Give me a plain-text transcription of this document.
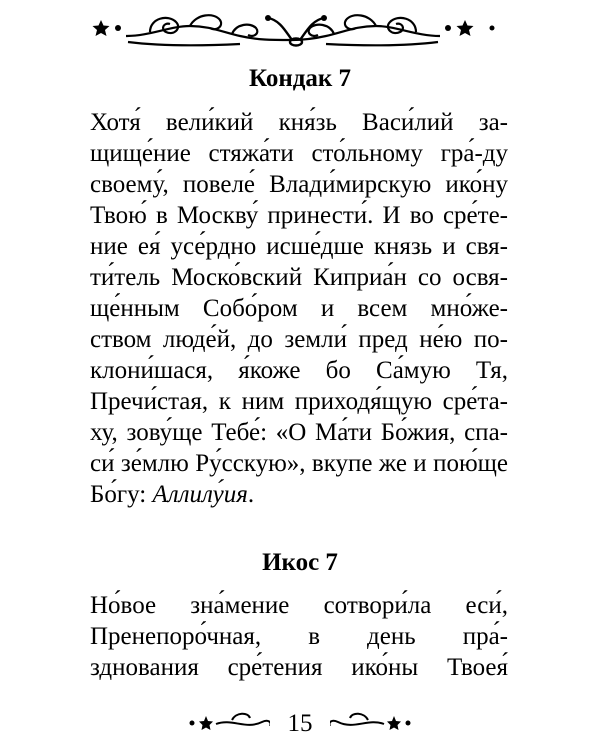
Кондак 7
Хотя́ вели́кий кня́зь Васи́лий за-
щище́ние стяжа́ти сто́льному гра́-ду
своему́, повеле́ Влади́мирскую ико́ну
Твою́ в Москву́ принести́. И во сре́те-
ние ея́ усе́рдно исше́дше князь и свя-
ти́тель Моско́вский Киприа́н со освя-
ще́нным Собо́ром и всем мно́же-
ством люде́й, до земли́ пред не́ю по-
клони́шася, я́коже бо Са́мую Тя,
Пречи́стая, к ним приходя́щую сре́та-
ху, зову́ще Тебе́: «О Ма́ти Бо́жия, спа-
си́ зе́млю Ру́сскую», вкупе же и пою́ще
Бо́гу: Аллилу́ия.
Икос 7
Но́вое зна́мение сотвори́ла еси́,
Пренепоро́чная, в день пра́-
зднования сре́тения ико́ны Твоея́
15
